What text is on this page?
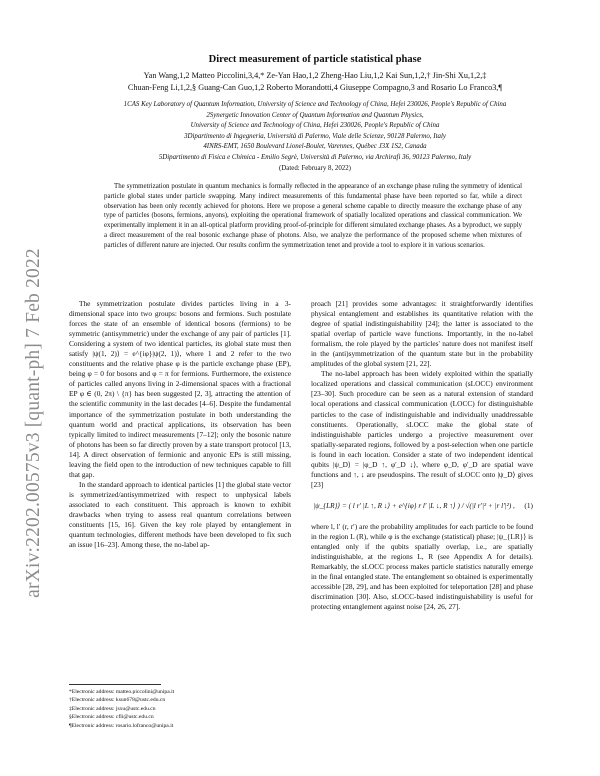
arXiv:2202.00575v3 [quant-ph] 7 Feb 2022
Direct measurement of particle statistical phase
Yan Wang,1,2 Matteo Piccolini,3,4,* Ze-Yan Hao,1,2 Zheng-Hao Liu,1,2 Kai Sun,1,2,† Jin-Shi Xu,1,2,‡
Chuan-Feng Li,1,2,§ Guang-Can Guo,1,2 Roberto Morandotti,4 Giuseppe Compagno,3 and Rosario Lo Franco3,¶
1CAS Key Laboratory of Quantum Information, University of Science and Technology of China, Hefei 230026, People's Republic of China
2Synergetic Innovation Center of Quantum Information and Quantum Physics,
University of Science and Technology of China, Hefei 230026, People's Republic of China
3Dipartimento di Ingegneria, Università di Palermo, Viale delle Scienze, 90128 Palermo, Italy
4INRS-EMT, 1650 Boulevard Lionel-Boulet, Varennes, Québec J3X 1S2, Canada
5Dipartimento di Fisica e Chimica - Emilio Segrè, Università di Palermo, via Archirafi 36, 90123 Palermo, Italy
(Dated: February 8, 2022)
The symmetrization postulate in quantum mechanics is formally reflected in the appearance of an exchange phase ruling the symmetry of identical particle global states under particle swapping. Many indirect measurements of this fundamental phase have been reported so far, while a direct observation has been only recently achieved for photons. Here we propose a general scheme capable to directly measure the exchange phase of any type of particles (bosons, fermions, anyons), exploiting the operational framework of spatially localized operations and classical communication. We experimentally implement it in an all-optical platform providing proof-of-principle for different simulated exchange phases. As a byproduct, we supply a direct measurement of the real bosonic exchange phase of photons. Also, we analyze the performance of the proposed scheme when mixtures of particles of different nature are injected. Our results confirm the symmetrization tenet and provide a tool to explore it in various scenarios.

The symmetrization postulate divides particles living in a 3-dimensional space into two groups: bosons and fermions. Such postulate forces the state of an ensemble of identical bosons (fermions) to be symmetric (antisymmetric) under the exchange of any pair of particles [1]. Considering a system of two identical particles, its global state must then satisfy |ψ(1, 2)⟩ = e^{iφ}|ψ(2, 1)⟩, where 1 and 2 refer to the two constituents and the relative phase φ is the particle exchange phase (EP), being φ = 0 for bosons and φ = π for fermions. Furthermore, the existence of particles called anyons living in 2-dimensional spaces with a fractional EP φ ∈ (0, 2π) \ {π} has been suggested [2, 3], attracting the attention of the scientific community in the last decades [4–6]. Despite the fundamental importance of the symmetrization postulate in both understanding the quantum world and practical applications, its observation has been typically limited to indirect measurements [7–12]; only the bosonic nature of photons has been so far directly proven by a state transport protocol [13, 14]. A direct observation of fermionic and anyonic EPs is still missing, leaving the field open to the introduction of new techniques capable to fill that gap.

In the standard approach to identical particles [1] the global state vector is symmetrized/antisymmetrized with respect to unphysical labels associated to each constituent. This approach is known to exhibit drawbacks when trying to assess real quantum correlations between constituents [15, 16]. Given the key role played by entanglement in quantum technologies, different methods have been developed to fix such an issue [16–23]. Among these, the no-label ap-

proach [21] provides some advantages: it straightforwardly identifies physical entanglement and establishes its quantitative relation with the degree of spatial indistinguishability [24]; the latter is associated to the spatial overlap of particle wave functions. Importantly, in the no-label formalism, the role played by the particles' nature does not manifest itself in the (anti)symmetrization of the quantum state but in the probability amplitudes of the global system [21, 22].

The no-label approach has been widely exploited within the spatially localized operations and classical communication (sLOCC) environment [23–30]. Such procedure can be seen as a natural extension of standard local operations and classical communication (LOCC) for distinguishable particles to the case of indistinguishable and individually unaddressable constituents. Operationally, sLOCC make the global state of indistinguishable particles undergo a projective measurement over spatially-separated regions, followed by a post-selection when one particle is found in each location. Consider a state of two independent identical qubits |ψ_D⟩ = |φ_D ↑, φ′_D ↓⟩, where φ_D, φ′_D are spatial wave functions and ↑, ↓ are pseudospins. The result of sLOCC onto |ψ_D⟩ gives [23]

|ψ_{LR}⟩ = ( l r′ |L ↑, R ↓⟩ + e^{iφ} r l′ |L ↓, R ↑⟩ ) / √(|l r′|² + |r l′|²) ,	(1)

where l, l′ (r, r′) are the probability amplitudes for each particle to be found in the region L (R), while φ is the exchange (statistical) phase; |ψ_{LR}⟩ is entangled only if the qubits spatially overlap, i.e., are spatially indistinguishable, at the regions L, R (see Appendix A for details). Remarkably, the sLOCC process makes particle statistics naturally emerge in the final entangled state. The entanglement so obtained is experimentally accessible [28, 29], and has been exploited for teleportation [28] and phase discrimination [30]. Also, sLOCC-based indistinguishability is useful for protecting entanglement against noise [24, 26, 27].

*Electronic address: matteo.piccolini@unipa.it
†Electronic address: ksun678@ustc.edu.cn
‡Electronic address: jsxu@ustc.edu.cn
§Electronic address: cfli@ustc.edu.cn
¶Electronic address: rosario.lofranco@unipa.it
